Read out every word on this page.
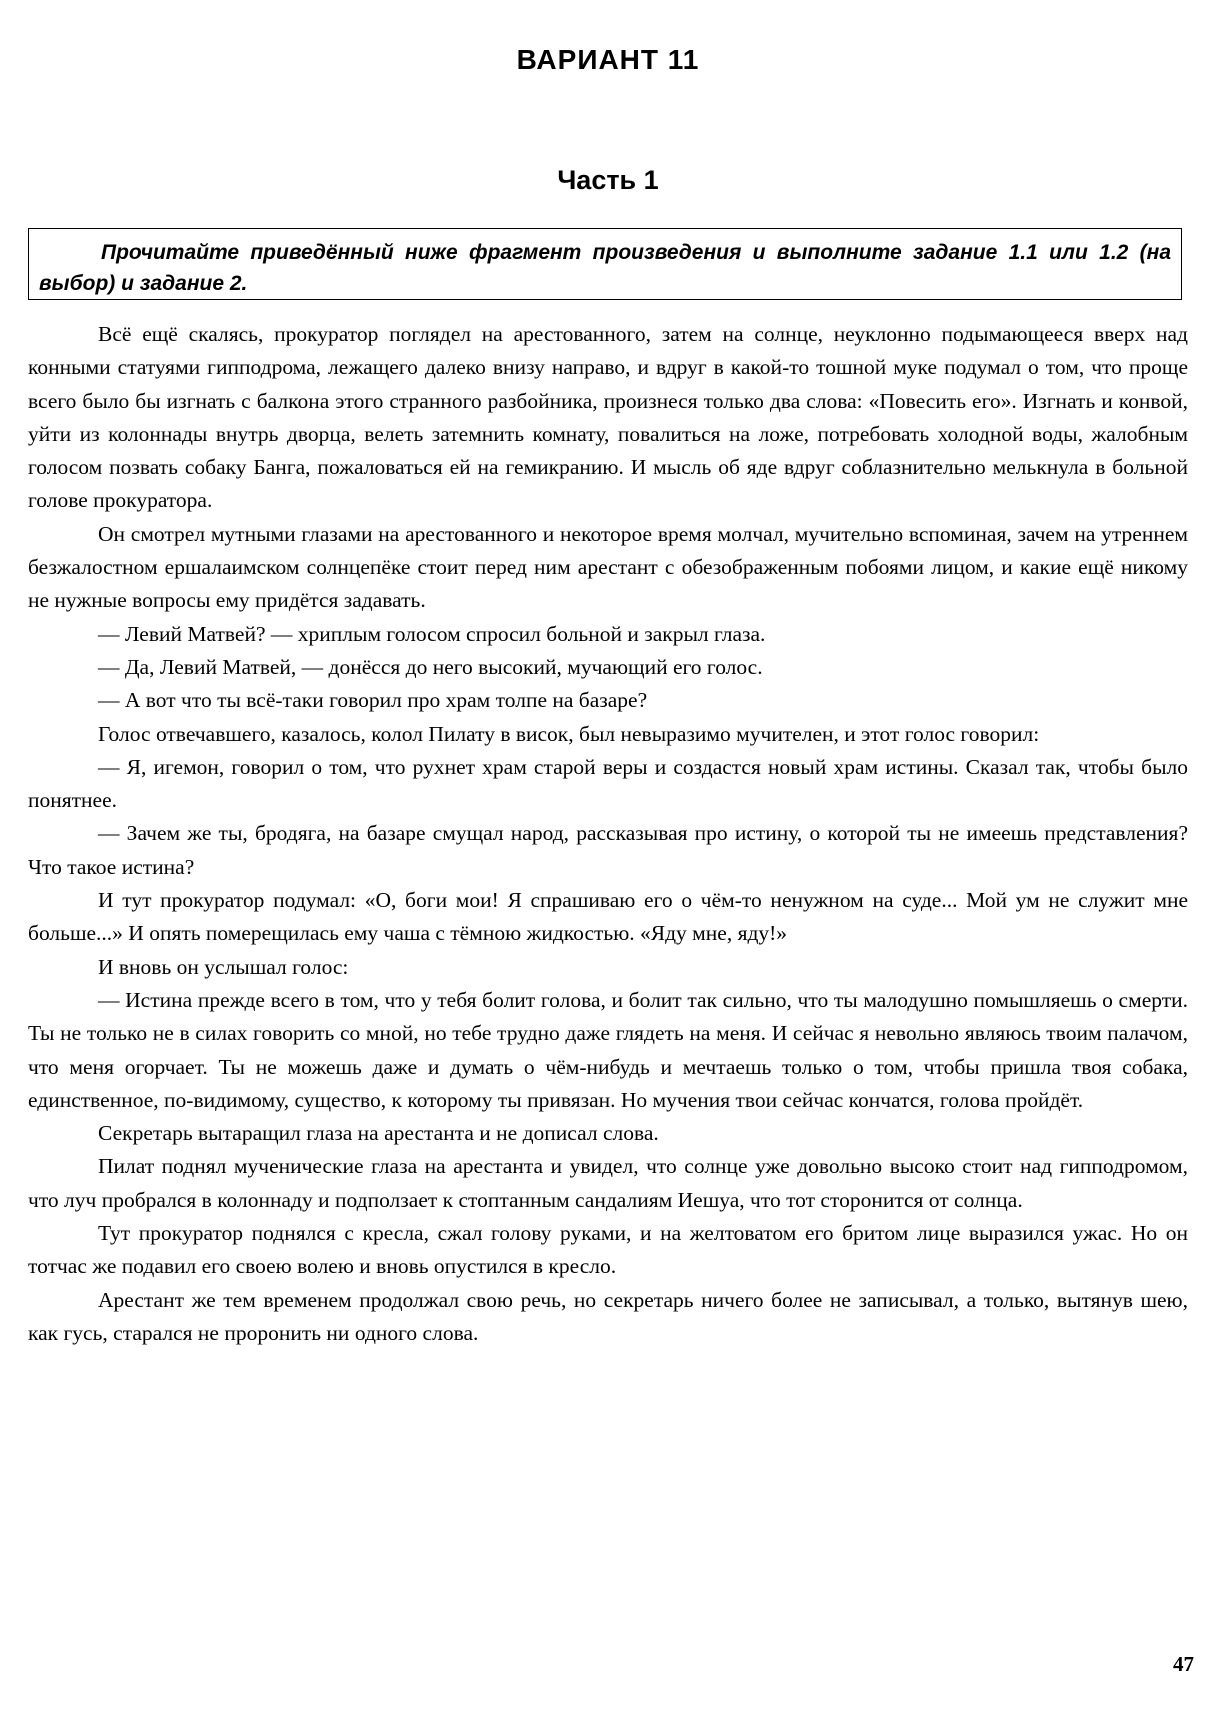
ВАРИАНТ 11
Часть 1
Прочитайте приведённый ниже фрагмент произведения и выполните задание 1.1 или 1.2 (на выбор) и задание 2.

Всё ещё скалясь, прокуратор поглядел на арестованного, затем на солнце, неуклонно подымающееся вверх над конными статуями гипподрома, лежащего далеко внизу направо, и вдруг в какой-то тошной муке подумал о том, что проще всего было бы изгнать с балкона этого странного разбойника, произнеся только два слова: «Повесить его». Изгнать и конвой, уйти из колоннады внутрь дворца, велеть затемнить комнату, повалиться на ложе, потребовать холодной воды, жалобным голосом позвать собаку Банга, пожаловаться ей на гемикранию. И мысль об яде вдруг соблазнительно мелькнула в больной голове прокуратора.

Он смотрел мутными глазами на арестованного и некоторое время молчал, мучительно вспоминая, зачем на утреннем безжалостном ершалаимском солнцепёке стоит перед ним арестант с обезображенным побоями лицом, и какие ещё никому не нужные вопросы ему придётся задавать.

— Левий Матвей? — хриплым голосом спросил больной и закрыл глаза.

— Да, Левий Матвей, — донёсся до него высокий, мучающий его голос.

— А вот что ты всё-таки говорил про храм толпе на базаре?

Голос отвечавшего, казалось, колол Пилату в висок, был невыразимо мучителен, и этот голос говорил:

— Я, игемон, говорил о том, что рухнет храм старой веры и создастся новый храм истины. Сказал так, чтобы было понятнее.

— Зачем же ты, бродяга, на базаре смущал народ, рассказывая про истину, о которой ты не имеешь представления? Что такое истина?

И тут прокуратор подумал: «О, боги мои! Я спрашиваю его о чём-то ненужном на суде... Мой ум не служит мне больше...» И опять померещилась ему чаша с тёмною жидкостью. «Яду мне, яду!»

И вновь он услышал голос:

— Истина прежде всего в том, что у тебя болит голова, и болит так сильно, что ты малодушно помышляешь о смерти. Ты не только не в силах говорить со мной, но тебе трудно даже глядеть на меня. И сейчас я невольно являюсь твоим палачом, что меня огорчает. Ты не можешь даже и думать о чём-нибудь и мечтаешь только о том, чтобы пришла твоя собака, единственное, по-видимому, существо, к которому ты привязан. Но мучения твои сейчас кончатся, голова пройдёт.

Секретарь вытаращил глаза на арестанта и не дописал слова.

Пилат поднял мученические глаза на арестанта и увидел, что солнце уже довольно высоко стоит над гипподромом, что луч пробрался в колоннаду и подползает к стоптанным сандалиям Иешуа, что тот сторонится от солнца.

Тут прокуратор поднялся с кресла, сжал голову руками, и на желтоватом его бритом лице выразился ужас. Но он тотчас же подавил его своею волею и вновь опустился в кресло.

Арестант же тем временем продолжал свою речь, но секретарь ничего более не записывал, а только, вытянув шею, как гусь, старался не проронить ни одного слова.

47
